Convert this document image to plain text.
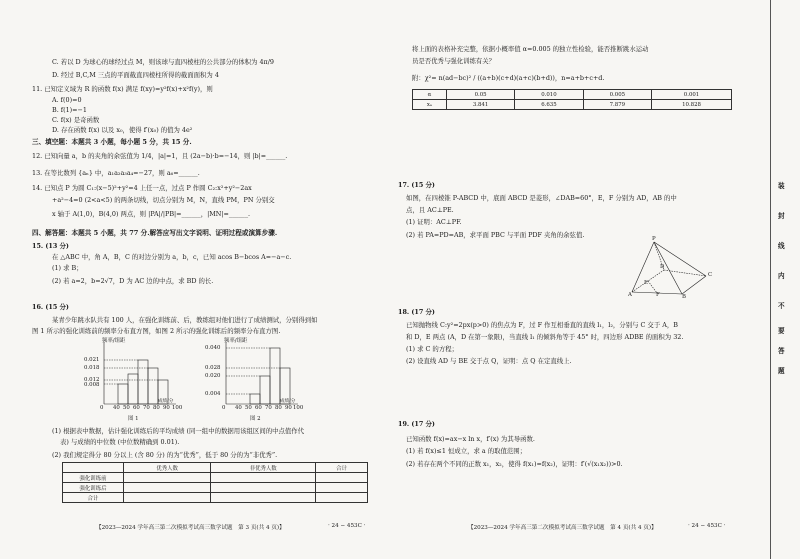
C. 若以 D 为球心的球经过点 M，则该球与直四棱柱的公共部分的体积为 4π/9
D. 经过 B,C,M 三点的平面截直四棱柱所得的截面面积为 4
11. 已知定义域为 R 的函数 f(x) 满足 f(xy)=y²f(x)+x²f(y)，则
A. f(0)=0
B. f(1)=−1
C. f(x) 是奇函数
D. 存在函数 f(x) 以及 x₀，使得 f′(x₀) 的值为 4e²
三、填空题：本题共 3 小题，每小题 5 分，共 15 分.
12. 已知向量 a，b 的夹角的余弦值为 1/4，|a|=1，且 (2a−b)·b=−14，则 |b|=______.
13. 在等比数列 {aₙ} 中，a₁a₂a₃a₄=−27，则 a₆=______.
14. 已知点 P 为圆 C₁:(x−5)²+y²=4 上任一点，过点 P 作圆 C₂:x²+y²−2ax
+a²−4=0 (2<a<5) 的两条切线，切点分别为 M，N，直线 PM，PN 分别交
x 轴于 A(1,0)，B(4,0) 两点，则 |PA|/|PB|=______，|MN|=______.
四、解答题：本题共 5 小题，共 77 分.解答应写出文字说明、证明过程或演算步骤.
15. (13 分)
在 △ABC 中，角 A，B，C 的对边分别为 a，b，c，已知 acos B−bcos A=−a−c.
(1) 求 B；
(2) 若 a=2，b=2√7，D 为 AC 边的中点，求 BD 的长.
16. (15 分)
某青少年跳水队共有 100 人，在强化训练前、后，教练组对他们进行了成绩测试，分别得到如
图 1 所示的强化训练前的频率分布直方图，如图 2 所示的强化训练后的频率分布直方图.
频率/组距
0.021
0.018
0.012
0.008
0 40 50 60 70 80 90 100
成绩/分
图 1
频率/组距
0.040
0.028
0.020
0.004
0 40 50 60 70 80 90 100
成绩/分
图 2
(1) 根据表中数据，估计强化训练后的平均成绩 (同一组中的数据用该组区间的中点值作代
表) 与成绩的中位数 (中位数精确到 0.01).
(2) 我们规定得分 80 分以上 (含 80 分) 的为“优秀”，低于 80 分的为“非优秀”.
	优秀人数	非优秀人数	合计
强化训练前			
强化训练后			
合计			
【2023—2024 学年高三第二次模拟考试高三数学试题　第 3 页(共 4 页)】	· 24 − 453C ·
将上面的表格补充完整，依据小概率值 α=0.005 的独立性检验，能否推断跳水运动
员是否优秀与强化训练有关？
附：χ²= n(ad−bc)² / ((a+b)(c+d)(a+c)(b+d))，n=a+b+c+d.
α	0.05	0.010	0.005	0.001
xₐ	3.841	6.635	7.879	10.828
17. (15 分)
如图，在四棱锥 P-ABCD 中，底面 ABCD 是菱形，∠DAB=60°，E，F 分别为 AD，AB 的中
点，且 AC⊥PE.
(1) 证明：AC⊥PF.
(2) 若 PA=PD=AB，求平面 PBC 与平面 PDF 夹角的余弦值.	P
D
C
A
E
F	B
18. (17 分)
已知抛物线 C:y²=2px(p>0) 的焦点为 F，过 F 作互相垂直的直线 l₁，l₂，分别与 C 交于 A，B
和 D，E 两点 (A，D 在第一象限)，当直线 l₁ 的倾斜角等于 45° 时，四边形 ADBE 的面积为 32.
(1) 求 C 的方程；
(2) 设直线 AD 与 BE 交于点 Q，证明：点 Q 在定直线上.
19. (17 分)
已知函数 f(x)=ax−x ln x，f′(x) 为其导函数.
(1) 若 f(x)≤1 恒成立，求 a 的取值范围；
(2) 若存在两个不同的正数 x₁，x₂，使得 f(x₁)=f(x₂)，证明：f′(√(x₁x₂))>0.
【2023—2024 学年高三第二次模拟考试高三数学试题　第 4 页(共 4 页)】	· 24 − 453C ·
装
封
线
内
不
要
答
题
